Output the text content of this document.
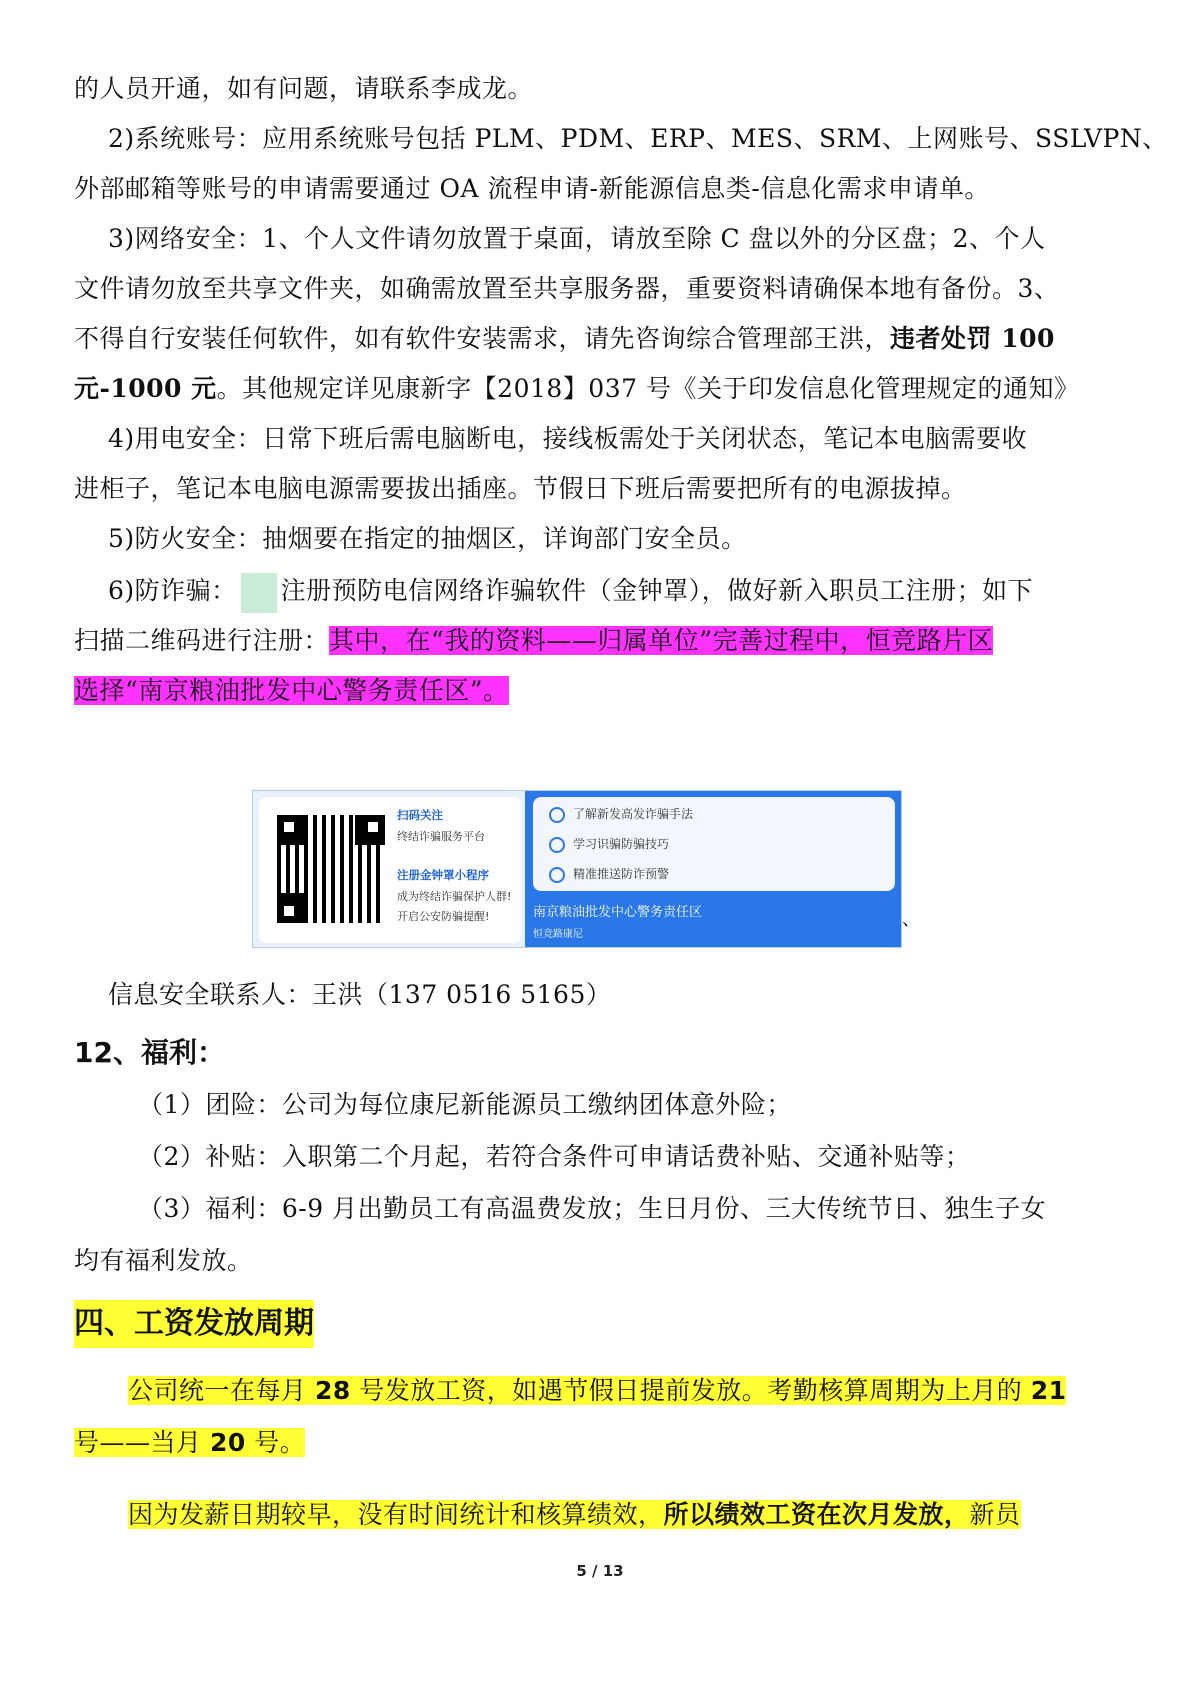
的人员开通，如有问题，请联系李成龙。
2)系统账号：应用系统账号包括 PLM、PDM、ERP、MES、SRM、上网账号、SSLVPN、
外部邮箱等账号的申请需要通过 OA 流程申请-新能源信息类-信息化需求申请单。
3)网络安全：1、个人文件请勿放置于桌面，请放至除 C 盘以外的分区盘；2、个人
文件请勿放至共享文件夹，如确需放置至共享服务器，重要资料请确保本地有备份。3、
不得自行安装任何软件，如有软件安装需求，请先咨询综合管理部王洪，违者处罚 100
元-1000 元。其他规定详见康新字【2018】037 号《关于印发信息化管理规定的通知》
4)用电安全：日常下班后需电脑断电，接线板需处于关闭状态，笔记本电脑需要收
进柜子，笔记本电脑电源需要拔出插座。节假日下班后需要把所有的电源拔掉。
5)防火安全：抽烟要在指定的抽烟区，详询部门安全员。
6)防诈骗： 注册预防电信网络诈骗软件（金钟罩），做好新入职员工注册；如下
扫描二维码进行注册：其中，在“我的资料——归属单位”完善过程中，恒竞路片区
选择“南京粮油批发中心警务责任区”。
扫码关注
终结诈骗服务平台
注册金钟罩小程序
成为终结诈骗保护人群!
开启公安防骗提醒!
了解新发高发诈骗手法
学习识骗防骗技巧
精准推送防诈预警
南京粮油批发中心警务责任区
恒竞路康尼
、
信息安全联系人：王洪（137 0516 5165）
12、福利：
（1）团险：公司为每位康尼新能源员工缴纳团体意外险；
（2）补贴：入职第二个月起，若符合条件可申请话费补贴、交通补贴等；
（3）福利：6-9 月出勤员工有高温费发放；生日月份、三大传统节日、独生子女
均有福利发放。
四、工资发放周期
公司统一在每月 28 号发放工资，如遇节假日提前发放。考勤核算周期为上月的 21
号——当月 20 号。
因为发薪日期较早，没有时间统计和核算绩效，所以绩效工资在次月发放，新员
5 / 13
